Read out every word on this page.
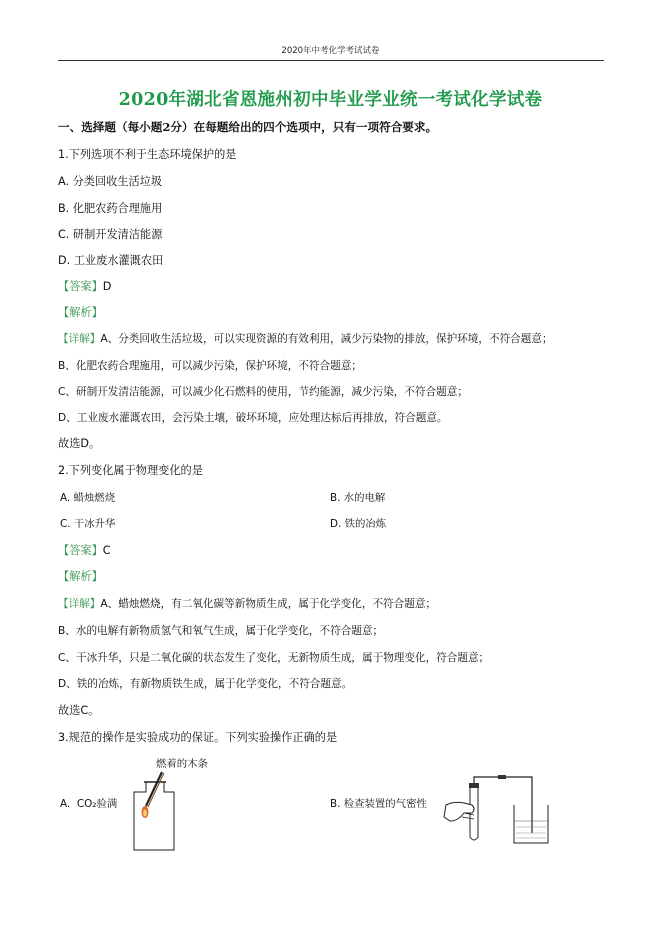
2020年中考化学考试试卷
2020年湖北省恩施州初中毕业学业统一考试化学试卷
一、选择题（每小题2分）在每题给出的四个选项中，只有一项符合要求。
1.下列选项不利于生态环境保护的是
A. 分类回收生活垃圾
B. 化肥农药合理施用
C. 研制开发清洁能源
D. 工业废水灌溉农田
【答案】D
【解析】
【详解】A、分类回收生活垃圾，可以实现资源的有效利用，减少污染物的排放，保护环境，不符合题意；
B、化肥农药合理施用，可以减少污染，保护环境，不符合题意；
C、研制开发清洁能源，可以减少化石燃料的使用，节约能源，减少污染，不符合题意；
D、工业废水灌溉农田，会污染土壤，破坏环境，应处理达标后再排放，符合题意。
故选D。
2.下列变化属于物理变化的是
A. 蜡烛燃烧	B. 水的电解
C. 干冰升华	D. 铁的冶炼
【答案】C
【解析】
【详解】A、蜡烛燃烧，有二氧化碳等新物质生成，属于化学变化，不符合题意；
B、水的电解有新物质氢气和氧气生成，属于化学变化，不符合题意；
C、干冰升华，只是二氧化碳的状态发生了变化，无新物质生成，属于物理变化，符合题意；
D、铁的冶炼，有新物质铁生成，属于化学变化，不符合题意。
故选C。
3.规范的操作是实验成功的保证。下列实验操作正确的是
燃着的木条
A. CO₂验满	B. 检查装置的气密性
